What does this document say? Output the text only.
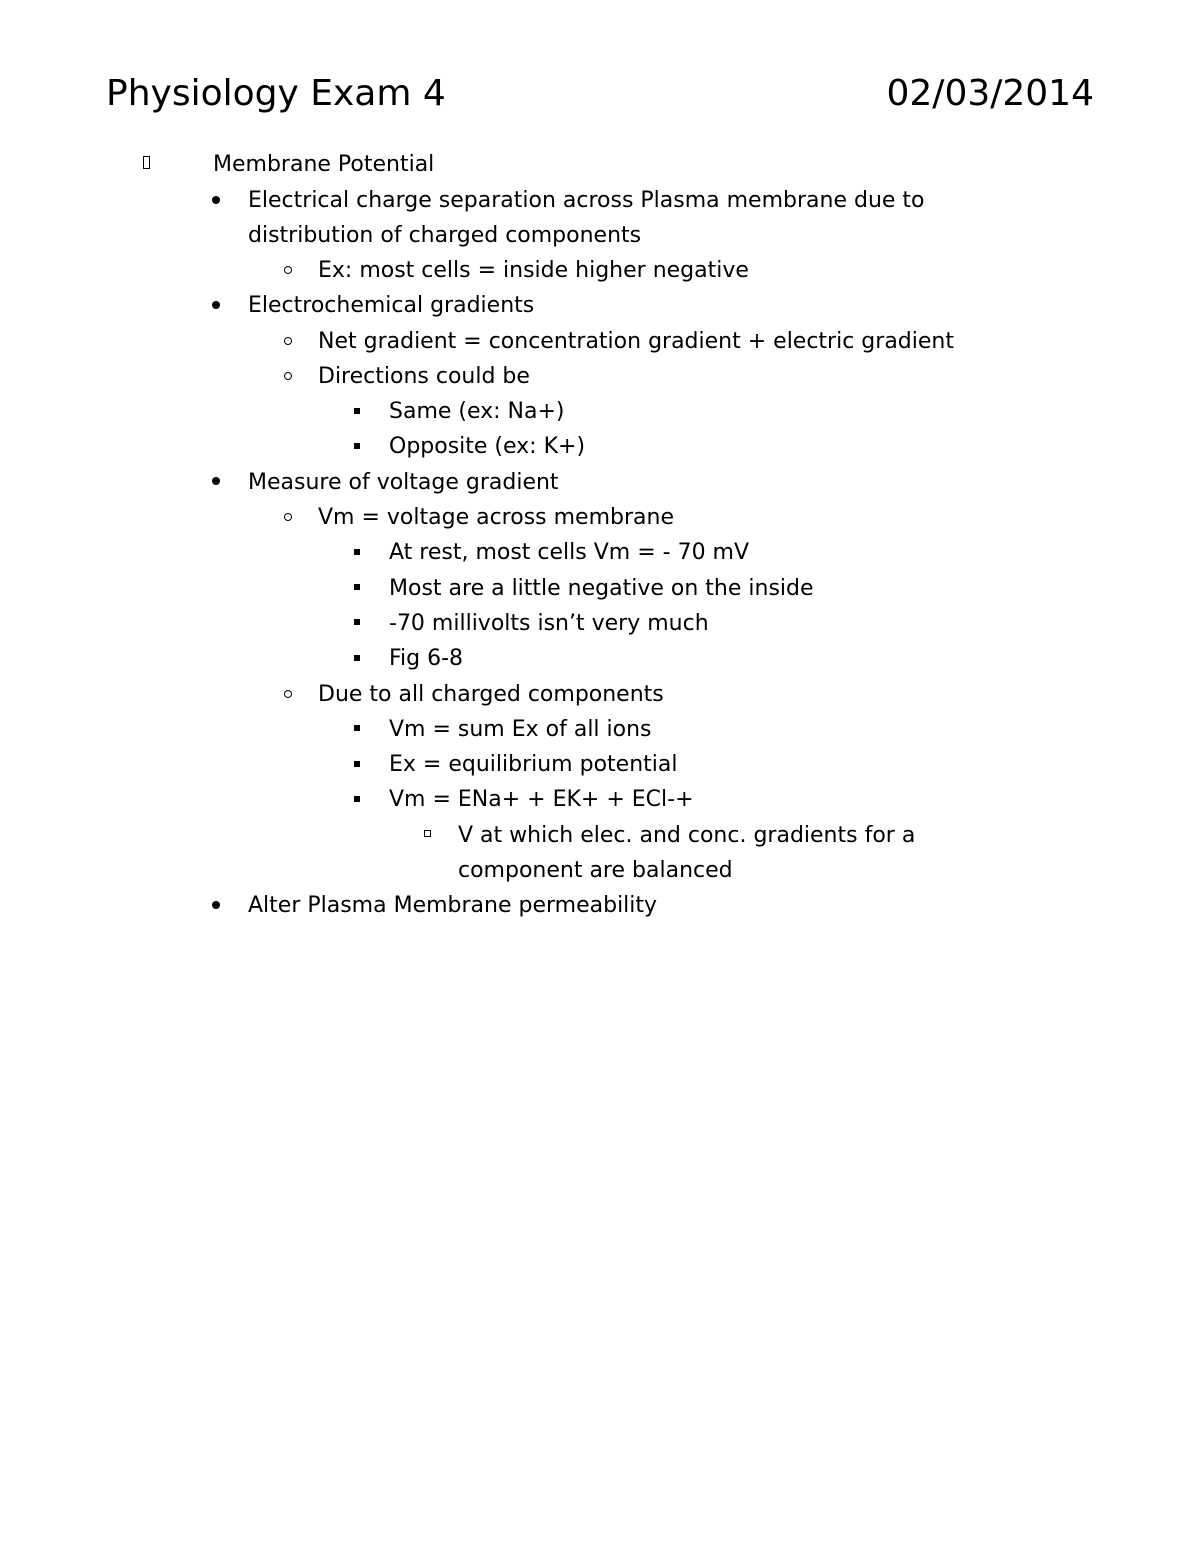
Physiology Exam 4	02/03/2014
Membrane Potential
Electrical charge separation across Plasma membrane due to
distribution of charged components
Ex: most cells = inside higher negative
Electrochemical gradients
Net gradient = concentration gradient + electric gradient
Directions could be
Same (ex: Na+)
Opposite (ex: K+)
Measure of voltage gradient
Vm = voltage across membrane
At rest, most cells Vm = - 70 mV
Most are a little negative on the inside
-70 millivolts isn’t very much
Fig 6-8
Due to all charged components
Vm = sum Ex of all ions
Ex = equilibrium potential
Vm = ENa+ + EK+ + ECl-+
V at which elec. and conc. gradients for a
component are balanced
Alter Plasma Membrane permeability
